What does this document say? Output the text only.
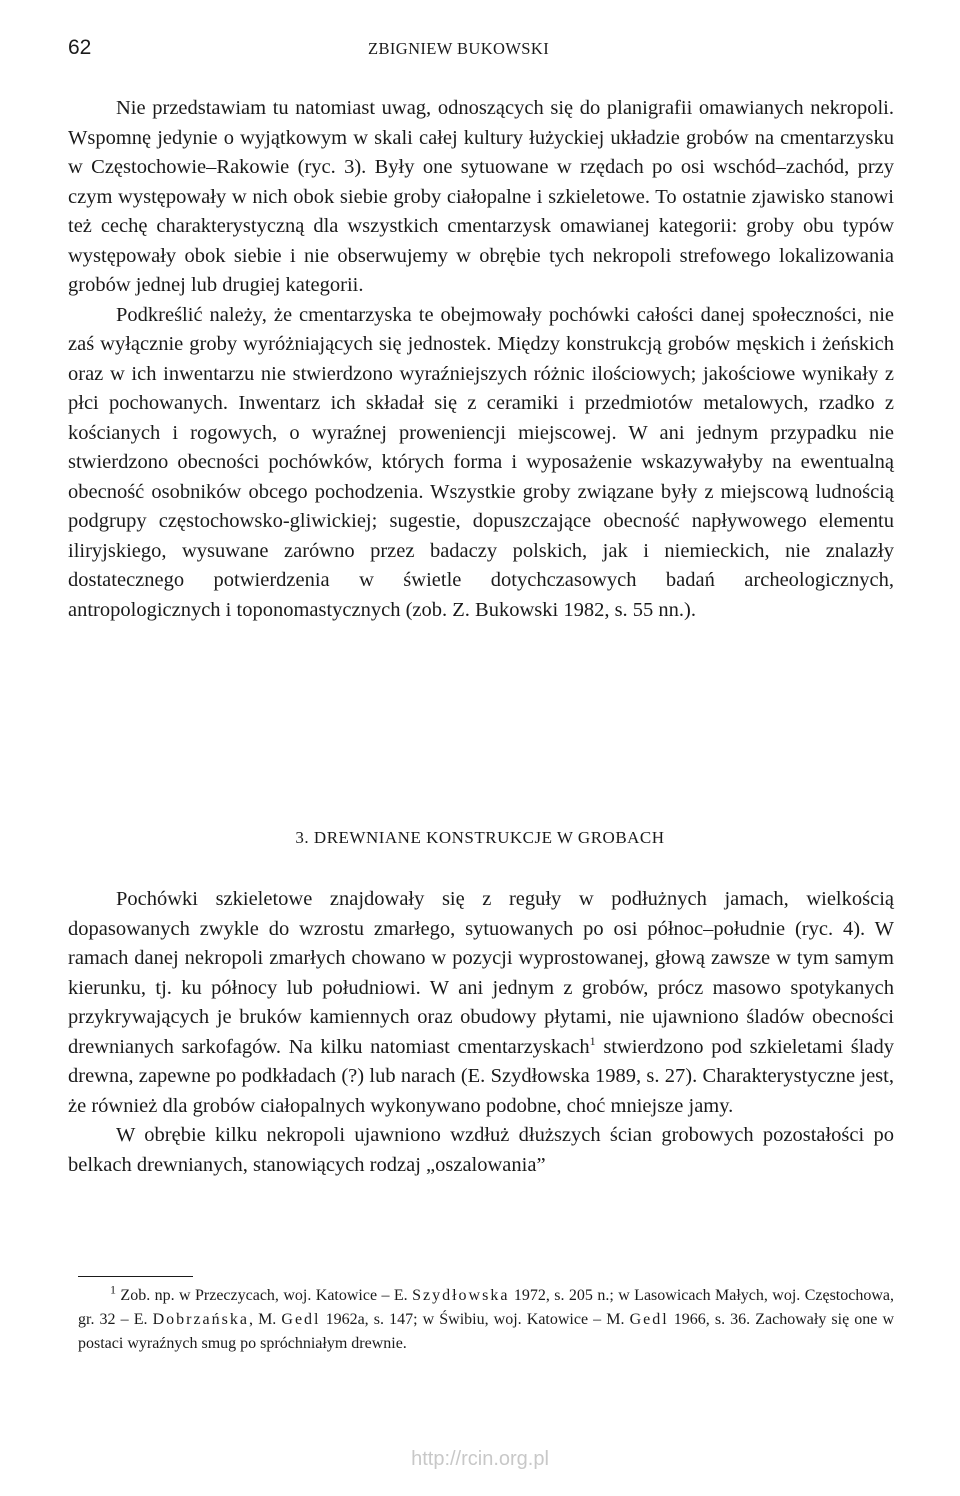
62	ZBIGNIEW BUKOWSKI

Nie przedstawiam tu natomiast uwag, odnoszących się do planigrafii omawianych nekropoli. Wspomnę jedynie o wyjątkowym w skali całej kultury łużyckiej układzie grobów na cmentarzysku w Częstochowie–Rakowie (ryc. 3). Były one sytuowane w rzędach po osi wschód–zachód, przy czym występowały w nich obok siebie groby ciałopalne i szkieletowe. To ostatnie zjawisko stanowi też cechę charakterystyczną dla wszystkich cmentarzysk omawianej kategorii: groby obu typów występowały obok siebie i nie obserwujemy w obrębie tych nekropoli strefowego lokalizowania grobów jednej lub drugiej kategorii.

Podkreślić należy, że cmentarzyska te obejmowały pochówki całości danej społeczności, nie zaś wyłącznie groby wyróżniających się jednostek. Między konstrukcją grobów męskich i żeńskich oraz w ich inwentarzu nie stwierdzono wyraźniejszych różnic ilościowych; jakościowe wynikały z płci pochowanych. Inwentarz ich składał się z ceramiki i przedmiotów metalowych, rzadko z kościanych i rogowych, o wyraźnej proweniencji miejscowej. W ani jednym przypadku nie stwierdzono obecności pochówków, których forma i wyposażenie wskazywałyby na ewentualną obecność osobników obcego pochodzenia. Wszystkie groby związane były z miejscową ludnością podgrupy częstochowsko-gliwickiej; sugestie, dopuszczające obecność napływowego elementu iliryjskiego, wysuwane zarówno przez badaczy polskich, jak i niemieckich, nie znalazły dostatecznego potwierdzenia w świetle dotychczasowych badań archeologicznych, antropologicznych i toponomastycznych (zob. Z. Bukowski 1982, s. 55 nn.).

3. DREWNIANE KONSTRUKCJE W GROBACH

Pochówki szkieletowe znajdowały się z reguły w podłużnych jamach, wielkością dopasowanych zwykle do wzrostu zmarłego, sytuowanych po osi północ–południe (ryc. 4). W ramach danej nekropoli zmarłych chowano w pozycji wyprostowanej, głową zawsze w tym samym kierunku, tj. ku północy lub południowi. W ani jednym z grobów, prócz masowo spotykanych przykrywających je bruków kamiennych oraz obudowy płytami, nie ujawniono śladów obecności drewnianych sarkofagów. Na kilku natomiast cmentarzyskach$^1$ stwierdzono pod szkieletami ślady drewna, zapewne po podkładach (?) lub narach (E. Szydłowska 1989, s. 27). Charakterystyczne jest, że również dla grobów ciałopalnych wykonywano podobne, choć mniejsze jamy.

W obrębie kilku nekropoli ujawniono wzdłuż dłuższych ścian grobowych pozostałości po belkach drewnianych, stanowiących rodzaj „oszalowania”

$^1$ Zob. np. w Przeczycach, woj. Katowice – E. Szydłowska 1972, s. 205 n.; w Lasowicach Małych, woj. Częstochowa, gr. 32 – E. Dobrzańska, M. Gedl 1962a, s. 147; w Świbiu, woj. Katowice – M. Gedl 1966, s. 36. Zachowały się one w postaci wyraźnych smug po spróchniałym drewnie.

http://rcin.org.pl
